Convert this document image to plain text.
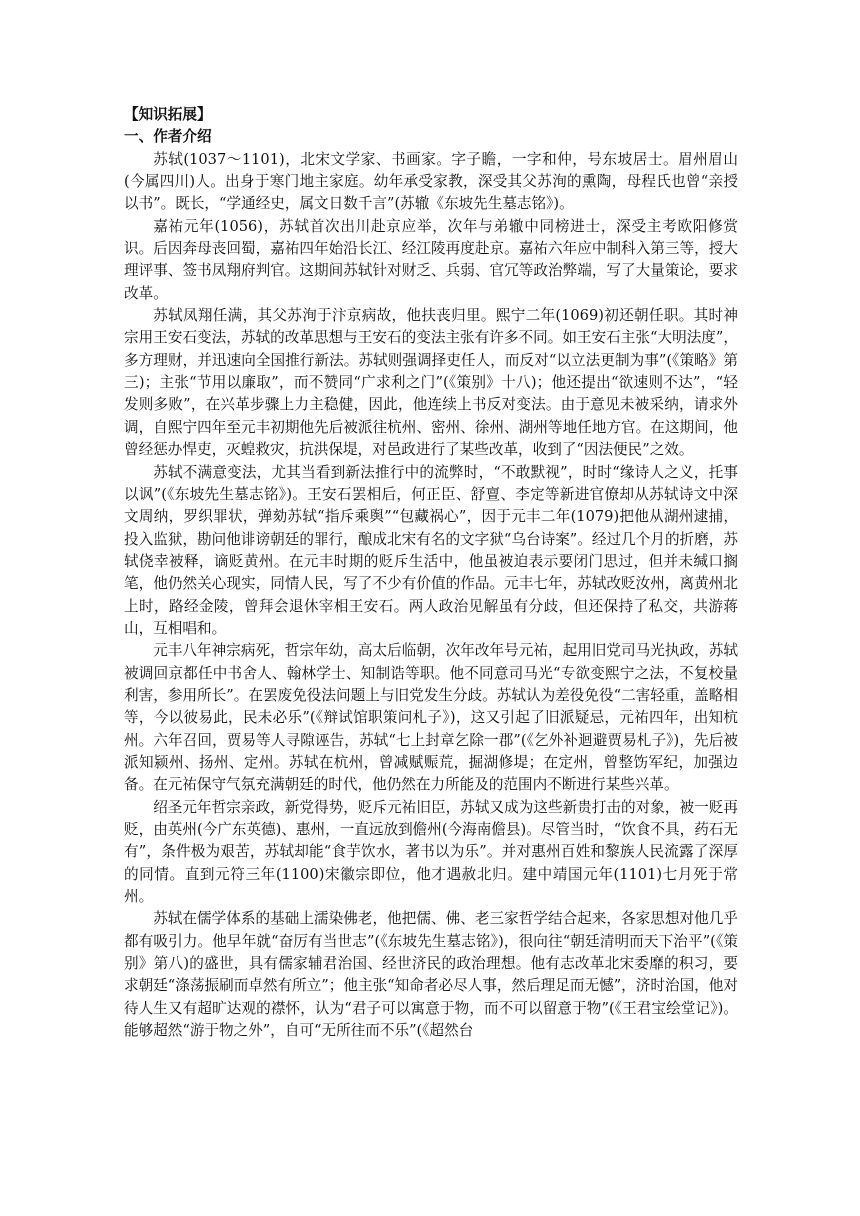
【知识拓展】

一、作者介绍

苏轼(1037～1101)，北宋文学家、书画家。字子瞻，一字和仲，号东坡居士。眉州眉山(今属四川)人。出身于寒门地主家庭。幼年承受家教，深受其父苏洵的熏陶，母程氏也曾“亲授以书”。既长，“学通经史，属文日数千言”(苏辙《东坡先生墓志铭》)。

嘉祐元年(1056)，苏轼首次出川赴京应举，次年与弟辙中同榜进士，深受主考欧阳修赏识。后因奔母丧回蜀，嘉祐四年始沿长江、经江陵再度赴京。嘉祐六年应中制科入第三等，授大理评事、签书凤翔府判官。这期间苏轼针对财乏、兵弱、官冗等政治弊端，写了大量策论，要求改革。

苏轼凤翔任满，其父苏洵于汴京病故，他扶丧归里。熙宁二年(1069)初还朝任职。其时神宗用王安石变法，苏轼的改革思想与王安石的变法主张有许多不同。如王安石主张“大明法度”，多方理财，并迅速向全国推行新法。苏轼则强调择吏任人，而反对“以立法更制为事”(《策略》第三)；主张“节用以廉取”，而不赞同“广求利之门”(《策别》十八)；他还提出“欲速则不达”，“轻发则多败”，在兴革步骤上力主稳健，因此，他连续上书反对变法。由于意见未被采纳，请求外调，自熙宁四年至元丰初期他先后被派往杭州、密州、徐州、湖州等地任地方官。在这期间，他曾经惩办悍吏，灭蝗救灾，抗洪保堤，对邑政进行了某些改革，收到了“因法便民”之效。

苏轼不满意变法，尤其当看到新法推行中的流弊时，“不敢默视”，时时“缘诗人之义，托事以讽”(《东坡先生墓志铭》)。王安石罢相后，何正臣、舒亶、李定等新进官僚却从苏轼诗文中深文周纳，罗织罪状，弹劾苏轼“指斥乘舆”“包藏祸心”，因于元丰二年(1079)把他从湖州逮捕，投入监狱，勘问他诽谤朝廷的罪行，酿成北宋有名的文字狱“乌台诗案”。经过几个月的折磨，苏轼侥幸被释，谪贬黄州。在元丰时期的贬斥生活中，他虽被迫表示要闭门思过，但并未缄口搁笔，他仍然关心现实，同情人民，写了不少有价值的作品。元丰七年，苏轼改贬汝州，离黄州北上时，路经金陵，曾拜会退休宰相王安石。两人政治见解虽有分歧，但还保持了私交，共游蒋山，互相唱和。

元丰八年神宗病死，哲宗年幼，高太后临朝，次年改年号元祐，起用旧党司马光执政，苏轼被调回京都任中书舍人、翰林学士、知制诰等职。他不同意司马光“专欲变熙宁之法，不复校量利害，参用所长”。在罢废免役法问题上与旧党发生分歧。苏轼认为差役免役“二害轻重，盖略相等，今以彼易此，民未必乐”(《辩试馆职策问札子》)，这又引起了旧派疑忌，元祐四年，出知杭州。六年召回，贾易等人寻隙诬告，苏轼“七上封章乞除一郡”(《乞外补迴避贾易札子》)，先后被派知颍州、扬州、定州。苏轼在杭州，曾减赋赈荒，掘湖修堤；在定州，曾整饬军纪，加强边备。在元祐保守气氛充满朝廷的时代，他仍然在力所能及的范围内不断进行某些兴革。

绍圣元年哲宗亲政，新党得势，贬斥元祐旧臣，苏轼又成为这些新贵打击的对象，被一贬再贬，由英州(今广东英德)、惠州，一直远放到儋州(今海南儋县)。尽管当时，“饮食不具，药石无有”，条件极为艰苦，苏轼却能“食芋饮水，著书以为乐”。并对惠州百姓和黎族人民流露了深厚的同情。直到元符三年(1100)宋徽宗即位，他才遇赦北归。建中靖国元年(1101)七月死于常州。

苏轼在儒学体系的基础上濡染佛老，他把儒、佛、老三家哲学结合起来，各家思想对他几乎都有吸引力。他早年就“奋厉有当世志”(《东坡先生墓志铭》)，很向往“朝廷清明而天下治平”(《策别》第八)的盛世，具有儒家辅君治国、经世济民的政治理想。他有志改革北宋委靡的积习，要求朝廷“涤荡振刷而卓然有所立”；他主张“知命者必尽人事，然后理足而无憾”，济时治国，他对待人生又有超旷达观的襟怀，认为“君子可以寓意于物，而不可以留意于物”(《王君宝绘堂记》)。能够超然“游于物之外”，自可“无所往而不乐”(《超然台
